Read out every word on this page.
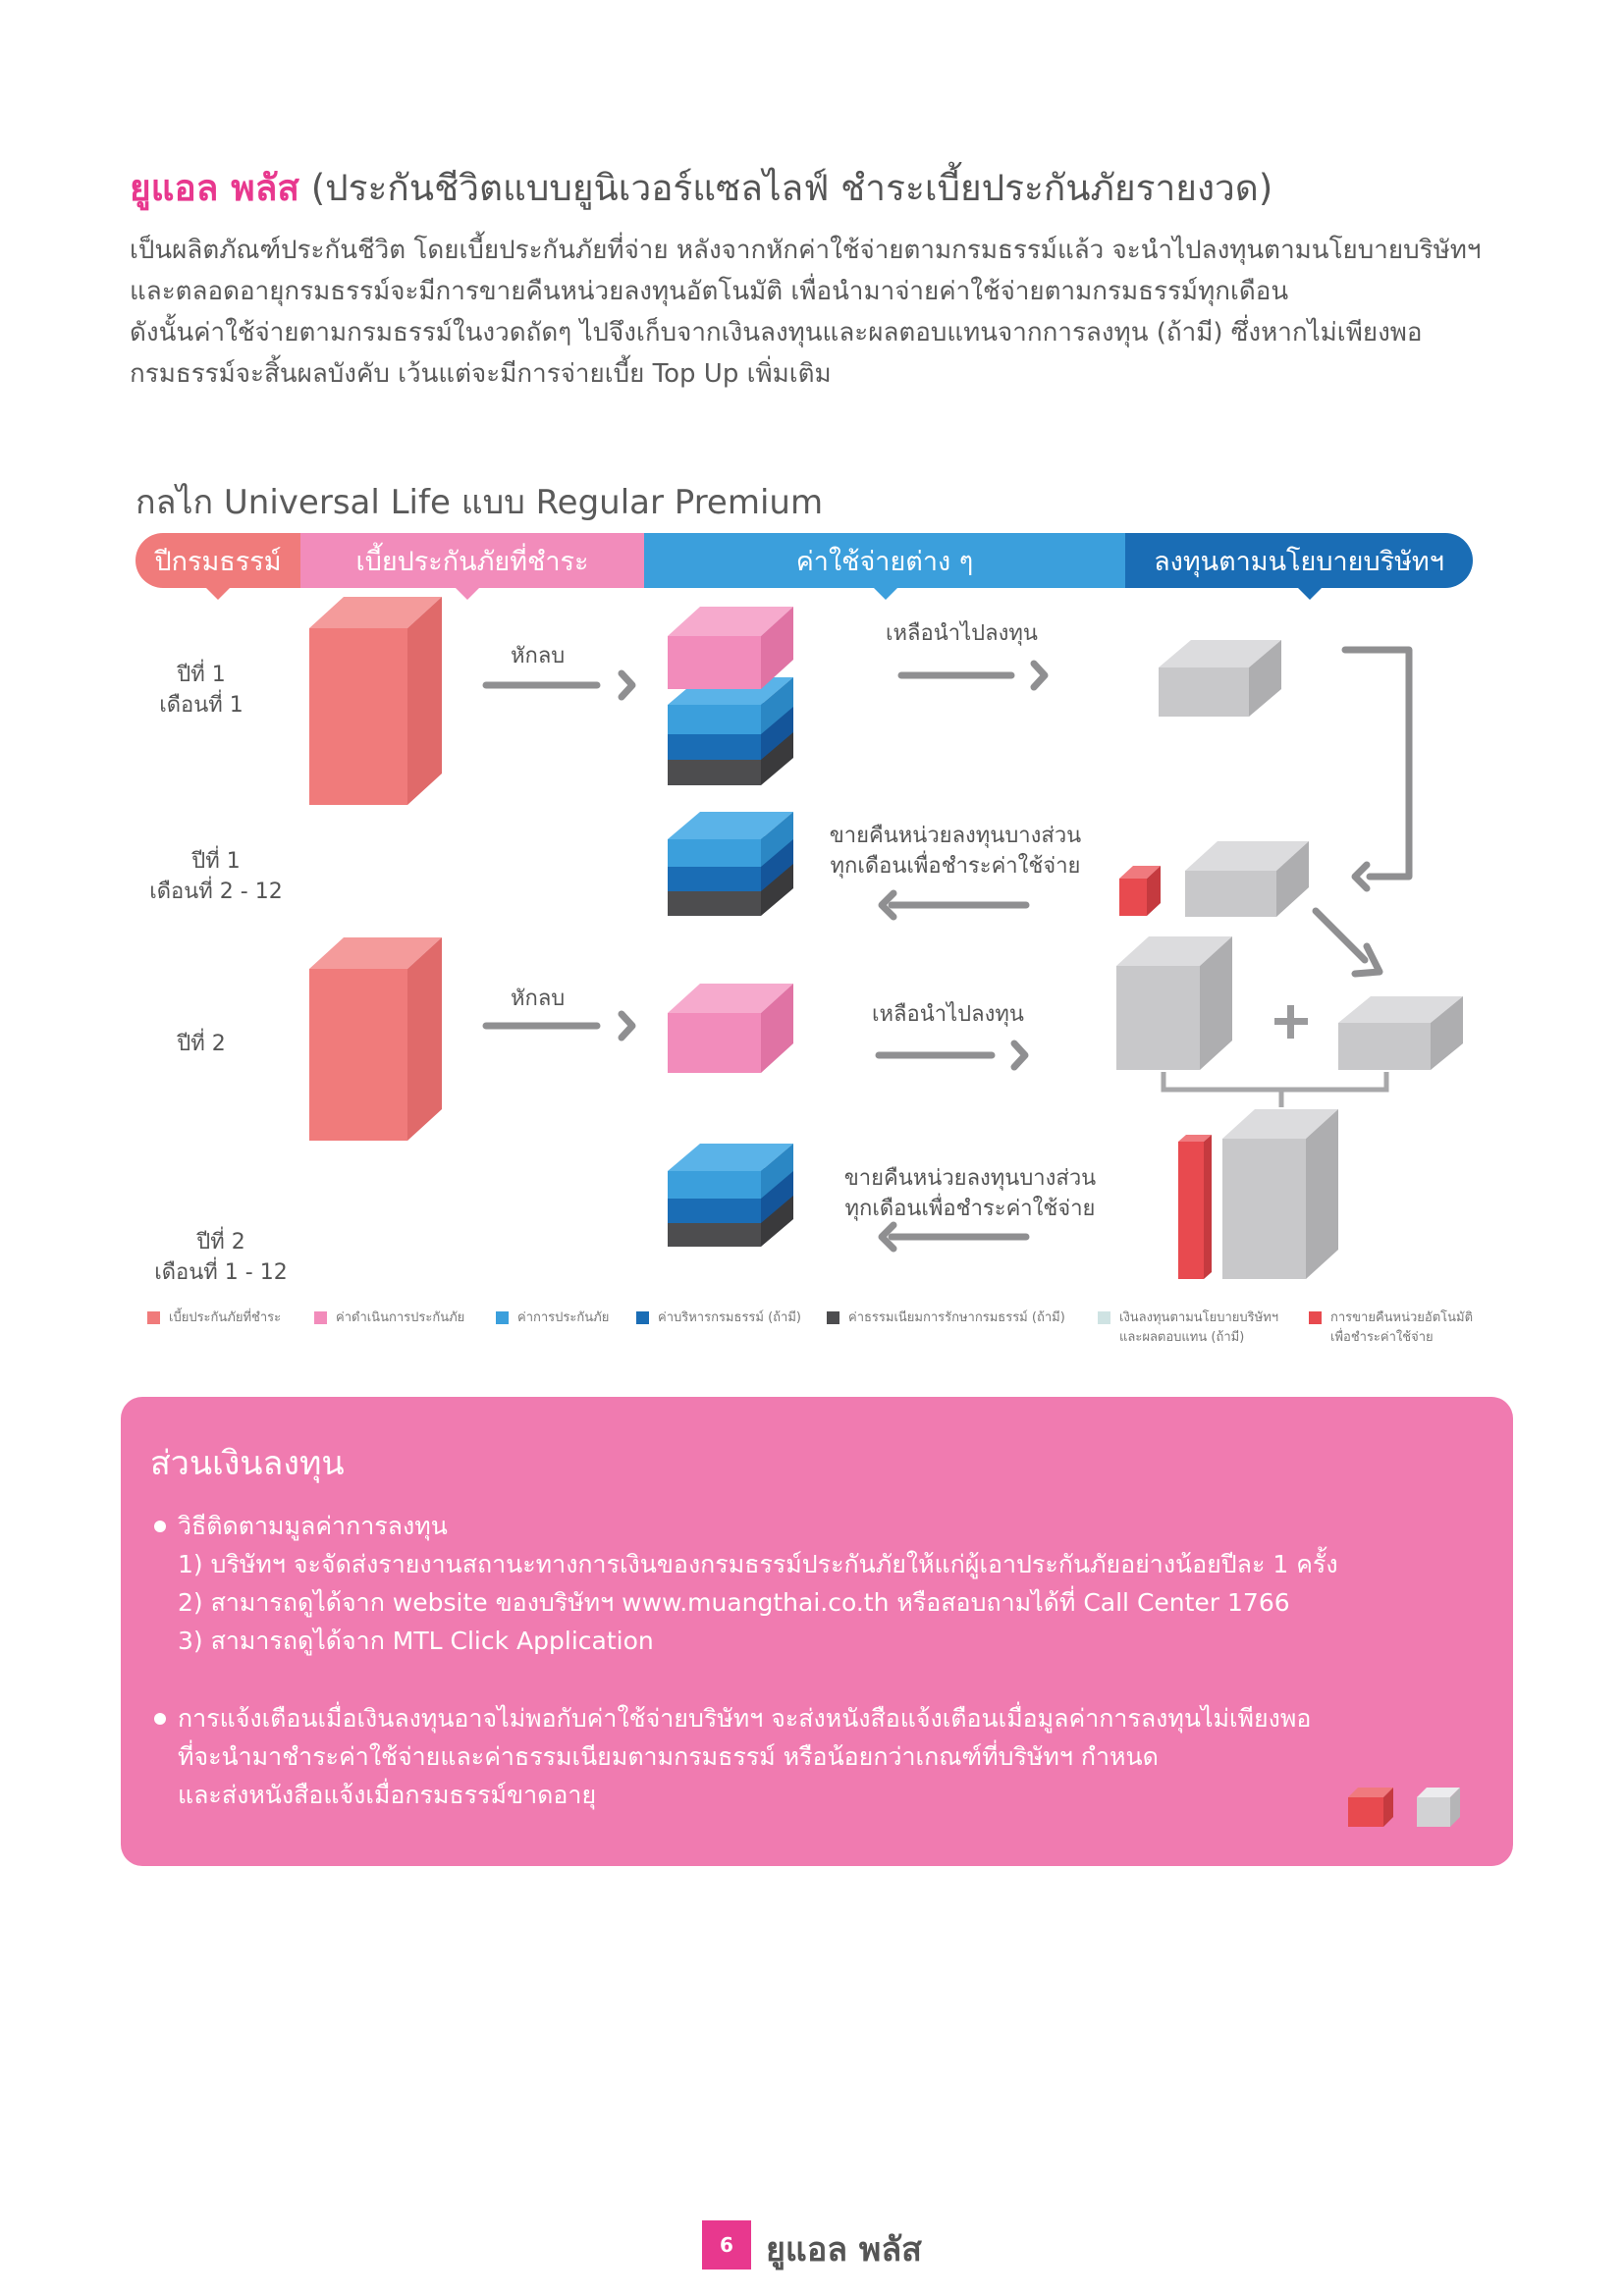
ยูแอล พลัส (ประกันชีวิตแบบยูนิเวอร์แซลไลฟ์ ชำระเบี้ยประกันภัยรายงวด)

เป็นผลิตภัณฑ์ประกันชีวิต โดยเบี้ยประกันภัยที่จ่าย หลังจากหักค่าใช้จ่ายตามกรมธรรม์แล้ว จะนำไปลงทุนตามนโยบายบริษัทฯ

และตลอดอายุกรมธรรม์จะมีการขายคืนหน่วยลงทุนอัตโนมัติ เพื่อนำมาจ่ายค่าใช้จ่ายตามกรมธรรม์ทุกเดือน

ดังนั้นค่าใช้จ่ายตามกรมธรรม์ในงวดถัดๆ ไปจึงเก็บจากเงินลงทุนและผลตอบแทนจากการลงทุน (ถ้ามี) ซึ่งหากไม่เพียงพอ

กรมธรรม์จะสิ้นผลบังคับ เว้นแต่จะมีการจ่ายเบี้ย Top Up เพิ่มเติม

กลไก Universal Life แบบ Regular Premium
ปีกรมธรรม์	เบี้ยประกันภัยที่ชำระ	ค่าใช้จ่ายต่าง ๆ	ลงทุนตามนโยบายบริษัทฯ
ปีที่ 1
เดือนที่ 1
ปีที่ 1
เดือนที่ 2 - 12
ปีที่ 2
ปีที่ 2
เดือนที่ 1 - 12
หักลบ
หักลบ
เหลือนำไปลงทุน
เหลือนำไปลงทุน
ขายคืนหน่วยลงทุนบางส่วน
ทุกเดือนเพื่อชำระค่าใช้จ่าย
ขายคืนหน่วยลงทุนบางส่วน
ทุกเดือนเพื่อชำระค่าใช้จ่าย
เบี้ยประกันภัยที่ชำระ	ค่าดำเนินการประกันภัย	ค่าการประกันภัย	ค่าบริหารกรมธรรม์ (ถ้ามี)	ค่าธรรมเนียมการรักษากรมธรรม์ (ถ้ามี)	เงินลงทุนตามนโยบายบริษัทฯ
และผลตอบแทน (ถ้ามี)
การขายคืนหน่วยอัตโนมัติ
เพื่อชำระค่าใช้จ่าย
ส่วนเงินลงทุน
วิธีติดตามมูลค่าการลงทุน
1) บริษัทฯ จะจัดส่งรายงานสถานะทางการเงินของกรมธรรม์ประกันภัยให้แก่ผู้เอาประกันภัยอย่างน้อยปีละ 1 ครั้ง
2) สามารถดูได้จาก website ของบริษัทฯ www.muangthai.co.th หรือสอบถามได้ที่ Call Center 1766
3) สามารถดูได้จาก MTL Click Application
การแจ้งเตือนเมื่อเงินลงทุนอาจไม่พอกับค่าใช้จ่ายบริษัทฯ จะส่งหนังสือแจ้งเตือนเมื่อมูลค่าการลงทุนไม่เพียงพอ
ที่จะนำมาชำระค่าใช้จ่ายและค่าธรรมเนียมตามกรมธรรม์ หรือน้อยกว่าเกณฑ์ที่บริษัทฯ กำหนด
และส่งหนังสือแจ้งเมื่อกรมธรรม์ขาดอายุ
6 ยูแอล พลัส
